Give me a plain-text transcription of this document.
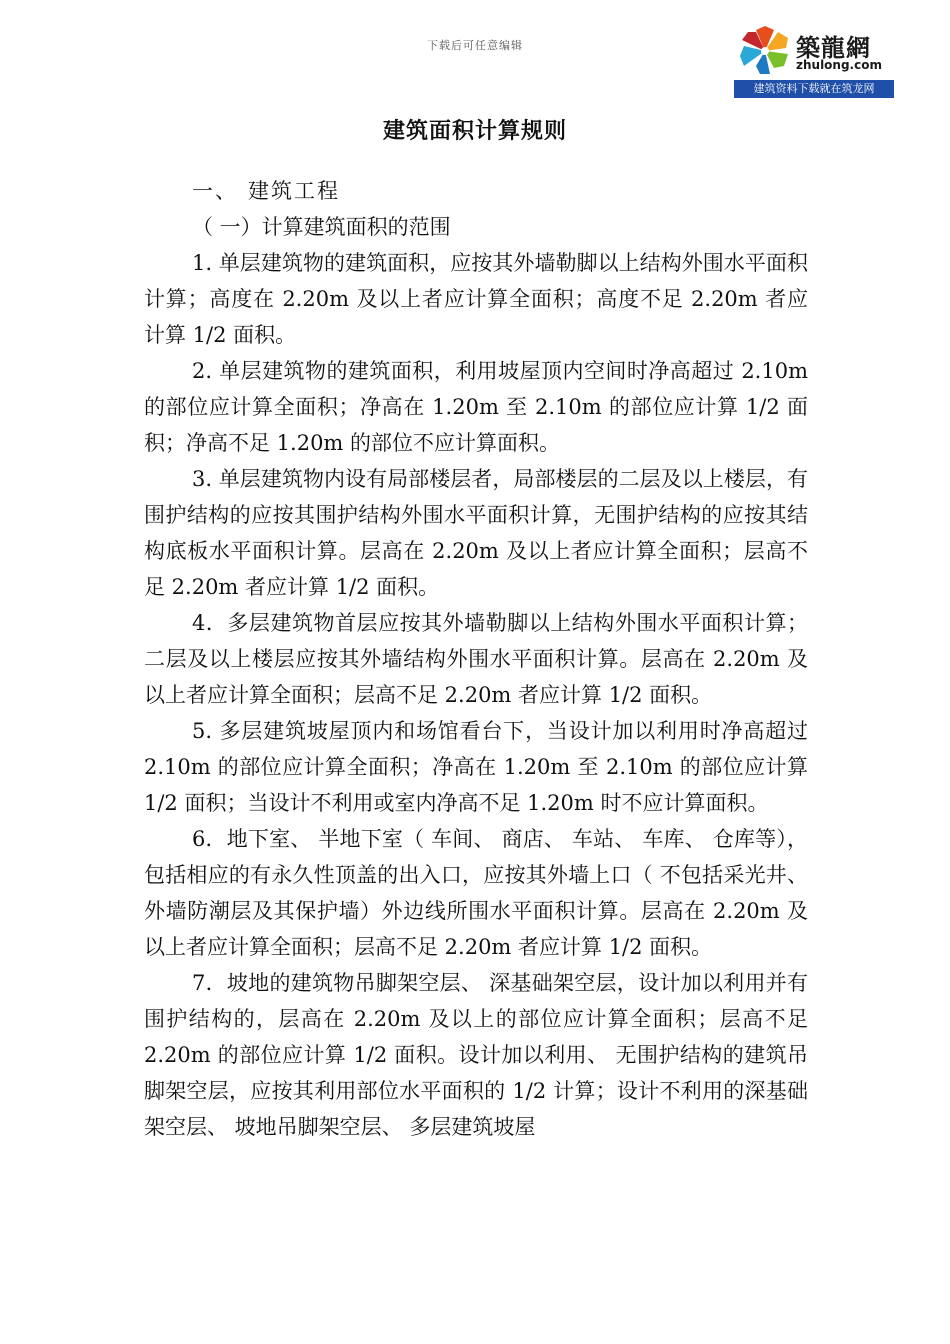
下载后可任意编辑	築龍網
zhulong.com
建筑资料下载就在筑龙网
建筑面积计算规则

一、 建筑工程

（ 一）计算建筑面积的范围

1. 单层建筑物的建筑面积，应按其外墙勒脚以上结构外围水平面积计算；高度在 2.20m 及以上者应计算全面积；高度不足 2.20m 者应计算 1/2 面积。

2. 单层建筑物的建筑面积，利用坡屋顶内空间时净高超过 2.10m 的部位应计算全面积；净高在 1.20m 至 2.10m 的部位应计算 1/2 面积；净高不足 1.20m 的部位不应计算面积。

3. 单层建筑物内设有局部楼层者，局部楼层的二层及以上楼层，有围护结构的应按其围护结构外围水平面积计算，无围护结构的应按其结构底板水平面积计算。层高在 2.20m 及以上者应计算全面积；层高不足 2.20m 者应计算 1/2 面积。

4．多层建筑物首层应按其外墙勒脚以上结构外围水平面积计算；二层及以上楼层应按其外墙结构外围水平面积计算。层高在 2.20m 及以上者应计算全面积；层高不足 2.20m 者应计算 1/2 面积。

5. 多层建筑坡屋顶内和场馆看台下，当设计加以利用时净高超过 2.10m 的部位应计算全面积；净高在 1.20m 至 2.10m 的部位应计算 1/2 面积；当设计不利用或室内净高不足 1.20m 时不应计算面积。

6．地下室、 半地下室（ 车间、 商店、 车站、 车库、 仓库等），包括相应的有永久性顶盖的出入口，应按其外墙上口（ 不包括采光井、 外墙防潮层及其保护墙）外边线所围水平面积计算。层高在 2.20m 及以上者应计算全面积；层高不足 2.20m 者应计算 1/2 面积。

7．坡地的建筑物吊脚架空层、 深基础架空层，设计加以利用并有围护结构的，层高在 2.20m 及以上的部位应计算全面积；层高不足 2.20m 的部位应计算 1/2 面积。设计加以利用、 无围护结构的建筑吊脚架空层，应按其利用部位水平面积的 1/2 计算；设计不利用的深基础架空层、 坡地吊脚架空层、 多层建筑坡屋
